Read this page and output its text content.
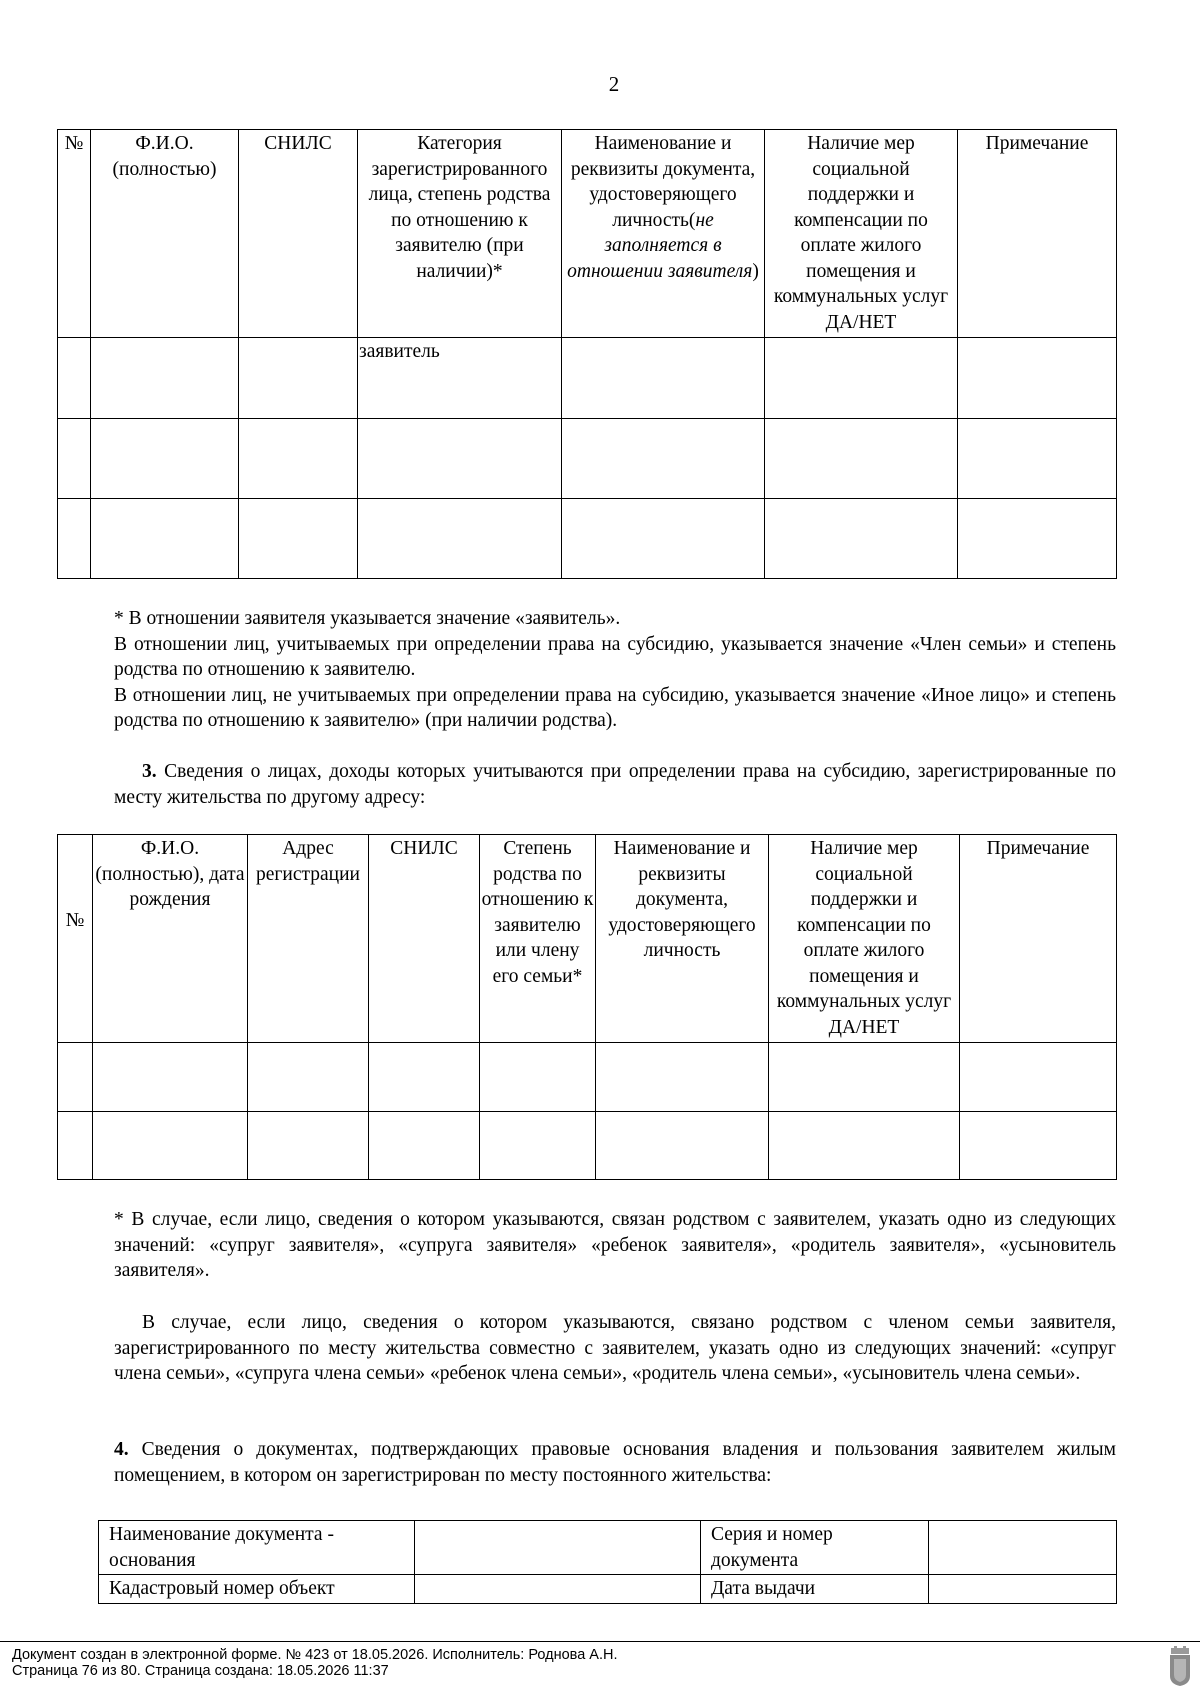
2
№	Ф.И.О. (полностью)	СНИЛС	Категория зарегистрированного лица, степень родства по отношению к заявителю (при наличии)*	Наименование и реквизиты документа, удостоверяющего личность(не заполняется в отношении заявителя)	Наличие мер социальной поддержки и компенсации по оплате жилого помещения и коммунальных услуг ДА/НЕТ	Примечание
			заявитель			

* В отношении заявителя указывается значение «заявитель».

В отношении лиц, учитываемых при определении права на субсидию, указывается значение «Член семьи» и степень родства по отношению к заявителю.

В отношении лиц, не учитываемых при определении права на субсидию, указывается значение «Иное лицо» и степень родства по отношению к заявителю» (при наличии родства).

3. Сведения о лицах, доходы которых учитываются при определении права на субсидию, зарегистрированные по месту жительства по другому адресу:
№	Ф.И.О. (полностью), дата рождения	Адрес регистрации	СНИЛС	Степень родства по отношению к заявителю или члену его семьи*	Наименование и реквизиты документа, удостоверяющего личность	Наличие мер социальной поддержки и компенсации по оплате жилого помещения и коммунальных услуг ДА/НЕТ	Примечание

* В случае, если лицо, сведения о котором указываются, связан родством с заявителем, указать одно из следующих значений: «супруг заявителя», «супруга заявителя» «ребенок заявителя», «родитель заявителя», «усыновитель заявителя».

В случае, если лицо, сведения о котором указываются, связано родством с членом семьи заявителя, зарегистрированного по месту жительства совместно с заявителем, указать одно из следующих значений: «супруг члена семьи», «супруга члена семьи» «ребенок члена семьи», «родитель члена семьи», «усыновитель члена семьи».

4. Сведения о документах, подтверждающих правовые основания владения и пользования заявителем жилым помещением, в котором он зарегистрирован по месту постоянного жительства:
Наименование документа - основания		Серия и номер документа	
Кадастровый номер объект		Дата выдачи	
Документ создан в электронной форме. № 423 от 18.05.2026. Исполнитель: Роднова А.Н.
Страница 76 из 80. Страница создана: 18.05.2026 11:37
